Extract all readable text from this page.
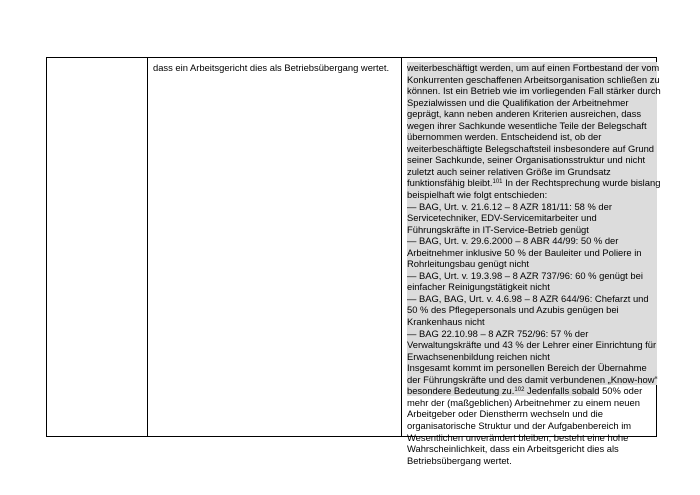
dass ein Arbeitsgericht dies als Betriebsübergang wertet. weiterbeschäftigt werden, um auf einen Fortbestand der vom
Konkurrenten geschaffenen Arbeitsorganisation schließen zu
können. Ist ein Betrieb wie im vorliegenden Fall stärker durch
Spezialwissen und die Qualifikation der Arbeitnehmer
geprägt, kann neben anderen Kriterien ausreichen, dass
wegen ihrer Sachkunde wesentliche Teile der Belegschaft
übernommen werden. Entscheidend ist, ob der
weiterbeschäftigte Belegschaftsteil insbesondere auf Grund
seiner Sachkunde, seiner Organisationsstruktur und nicht
zuletzt auch seiner relativen Größe im Grundsatz
funktionsfähig bleibt.$^{101}$ In der Rechtsprechung wurde bislang
beispielhaft wie folgt entschieden:
— BAG, Urt. v. 21.6.12 – 8 AZR 181/11: 58 % der
Servicetechniker, EDV-Servicemitarbeiter und
Führungskräfte in IT-Service-Betrieb genügt
— BAG, Urt. v. 29.6.2000 – 8 ABR 44/99: 50 % der
Arbeitnehmer inklusive 50 % der Bauleiter und Poliere in
Rohrleitungsbau genügt nicht
— BAG, Urt. v. 19.3.98 – 8 AZR 737/96: 60 % genügt bei
einfacher Reinigungstätigkeit nicht
— BAG, BAG, Urt. v. 4.6.98 – 8 AZR 644/96: Chefarzt und
50 % des Pflegepersonals und Azubis genügen bei
Krankenhaus nicht
— BAG 22.10.98 – 8 AZR 752/96: 57 % der
Verwaltungskräfte und 43 % der Lehrer einer Einrichtung für
Erwachsenenbildung reichen nicht
Insgesamt kommt im personellen Bereich der Übernahme
der Führungskräfte und des damit verbundenen „Know-how“
besondere Bedeutung zu.$^{102}$ Jedenfalls sobald 50% oder
mehr der (maßgeblichen) Arbeitnehmer zu einem neuen
Arbeitgeber oder Dienstherrn wechseln und die
organisatorische Struktur und der Aufgabenbereich im
Wesentlichen unverändert bleiben, besteht eine hohe
Wahrscheinlichkeit, dass ein Arbeitsgericht dies als
Betriebsübergang wertet.
